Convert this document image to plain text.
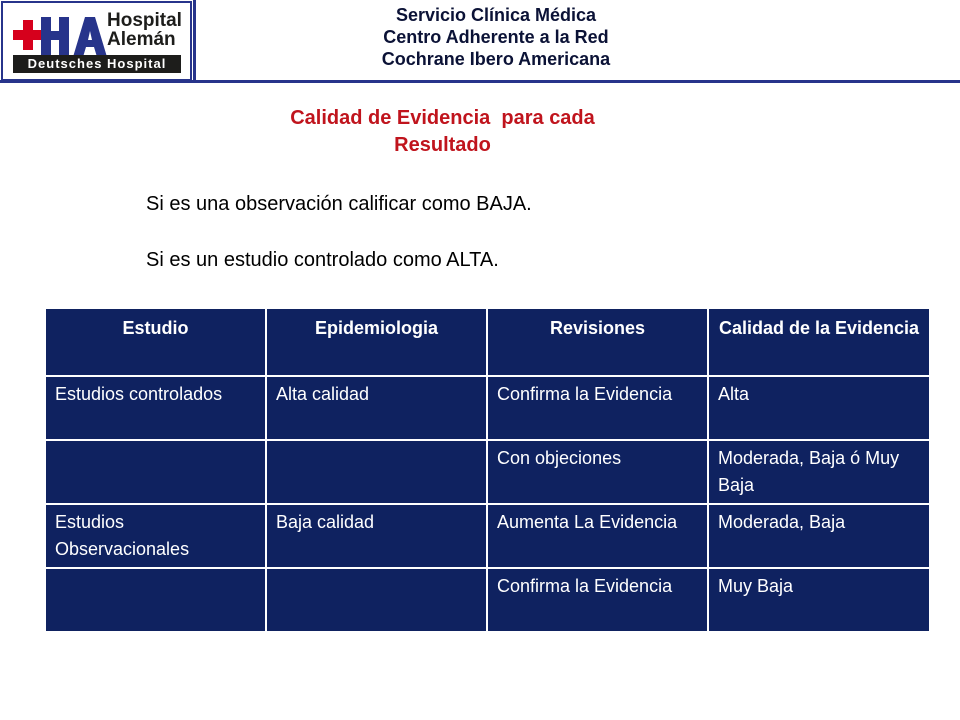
Hospital
Alemán
Deutsches Hospital
Servicio Clínica Médica
Centro Adherente a la Red
Cochrane Ibero Americana
Calidad de Evidencia  para cada
Resultado
Si es una observación calificar como BAJA.
Si es un estudio controlado como ALTA.
Estudio	Epidemiologia	Revisiones	Calidad de la Evidencia
Estudios controlados	Alta calidad	Confirma la Evidencia	Alta
		Con objeciones	Moderada, Baja ó Muy Baja
Estudios Observacionales	Baja calidad	Aumenta La Evidencia	Moderada, Baja
		Confirma la Evidencia	Muy Baja
